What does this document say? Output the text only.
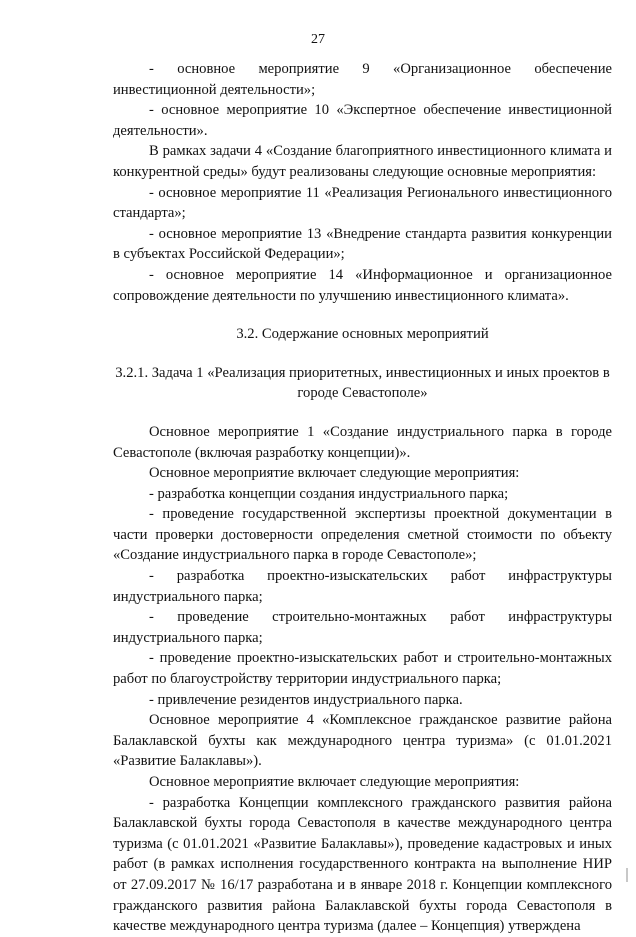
27

- основное мероприятие 9 «Организационное обеспечение инвестиционной деятельности»;

- основное мероприятие 10 «Экспертное обеспечение инвестиционной деятельности».

В рамках задачи 4 «Создание благоприятного инвестиционного климата и конкурентной среды» будут реализованы следующие основные мероприятия:

- основное мероприятие 11 «Реализация Регионального инвестиционного стандарта»;

- основное мероприятие 13 «Внедрение стандарта развития конкуренции в субъектах Российской Федерации»;

- основное мероприятие 14 «Информационное и организационное сопровождение деятельности по улучшению инвестиционного климата».

3.2. Содержание основных мероприятий

3.2.1. Задача 1 «Реализация приоритетных, инвестиционных и иных проектов в городе Севастополе»

Основное мероприятие 1 «Создание индустриального парка в городе Севастополе (включая разработку концепции)».

Основное мероприятие включает следующие мероприятия:

- разработка концепции создания индустриального парка;

- проведение государственной экспертизы проектной документации в части проверки достоверности определения сметной стоимости по объекту «Создание индустриального парка в городе Севастополе»;

- разработка проектно-изыскательских работ инфраструктуры индустриального парка;

- проведение строительно-монтажных работ инфраструктуры индустриального парка;

- проведение проектно-изыскательских работ и строительно-монтажных работ по благоустройству территории индустриального парка;

- привлечение резидентов индустриального парка.

Основное мероприятие 4 «Комплексное гражданское развитие района Балаклавской бухты как международного центра туризма» (с 01.01.2021 «Развитие Балаклавы»).

Основное мероприятие включает следующие мероприятия:

- разработка Концепции комплексного гражданского развития района Балаклавской бухты города Севастополя в качестве международного центра туризма (с 01.01.2021 «Развитие Балаклавы»), проведение кадастровых и иных работ (в рамках исполнения государственного контракта на выполнение НИР от 27.09.2017 № 16/17 разработана и в январе 2018 г. Концепции комплексного гражданского развития района Балаклавской бухты города Севастополя в качестве международного центра туризма (далее – Концепция) утверждена
